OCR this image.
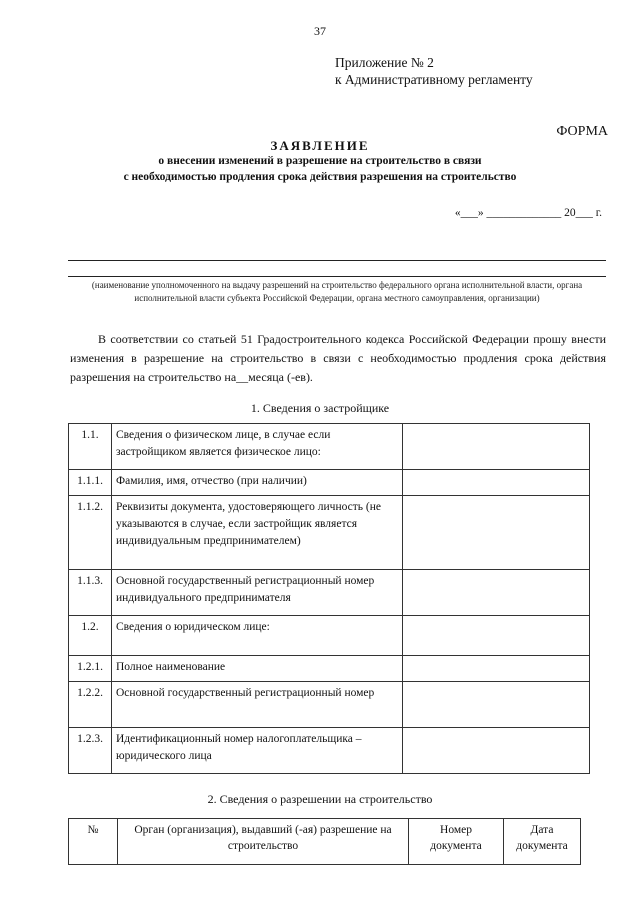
37
Приложение № 2
к Административному регламенту
ФОРМА
ЗАЯВЛЕНИЕ
о внесении изменений в разрешение на строительство в связи
с необходимостью продления срока действия разрешения на строительство
«___» _____________ 20___ г.
(наименование уполномоченного на выдачу разрешений на строительство федерального органа исполнительной власти, органа исполнительной власти субъекта Российской Федерации, органа местного самоуправления, организации)
В соответствии со статьей 51 Градостроительного кодекса Российской Федерации прошу внести изменения в разрешение на строительство в связи с необходимостью продления срока действия разрешения на строительство на__месяца (-ев).
1. Сведения о застройщике
1.1.	Сведения о физическом лице, в случае если застройщиком является физическое лицо:	
1.1.1.	Фамилия, имя, отчество (при наличии)	
1.1.2.	Реквизиты документа, удостоверяющего личность (не указываются в случае, если застройщик является индивидуальным предпринимателем)	
1.1.3.	Основной государственный регистрационный номер индивидуального предпринимателя	
1.2.	Сведения о юридическом лице:	
1.2.1.	Полное наименование	
1.2.2.	Основной государственный регистрационный номер	
1.2.3.	Идентификационный номер налогоплательщика – юридического лица	
2. Сведения о разрешении на строительство
№	Орган (организация), выдавший (-ая) разрешение на строительство	Номер документа	Дата документа
